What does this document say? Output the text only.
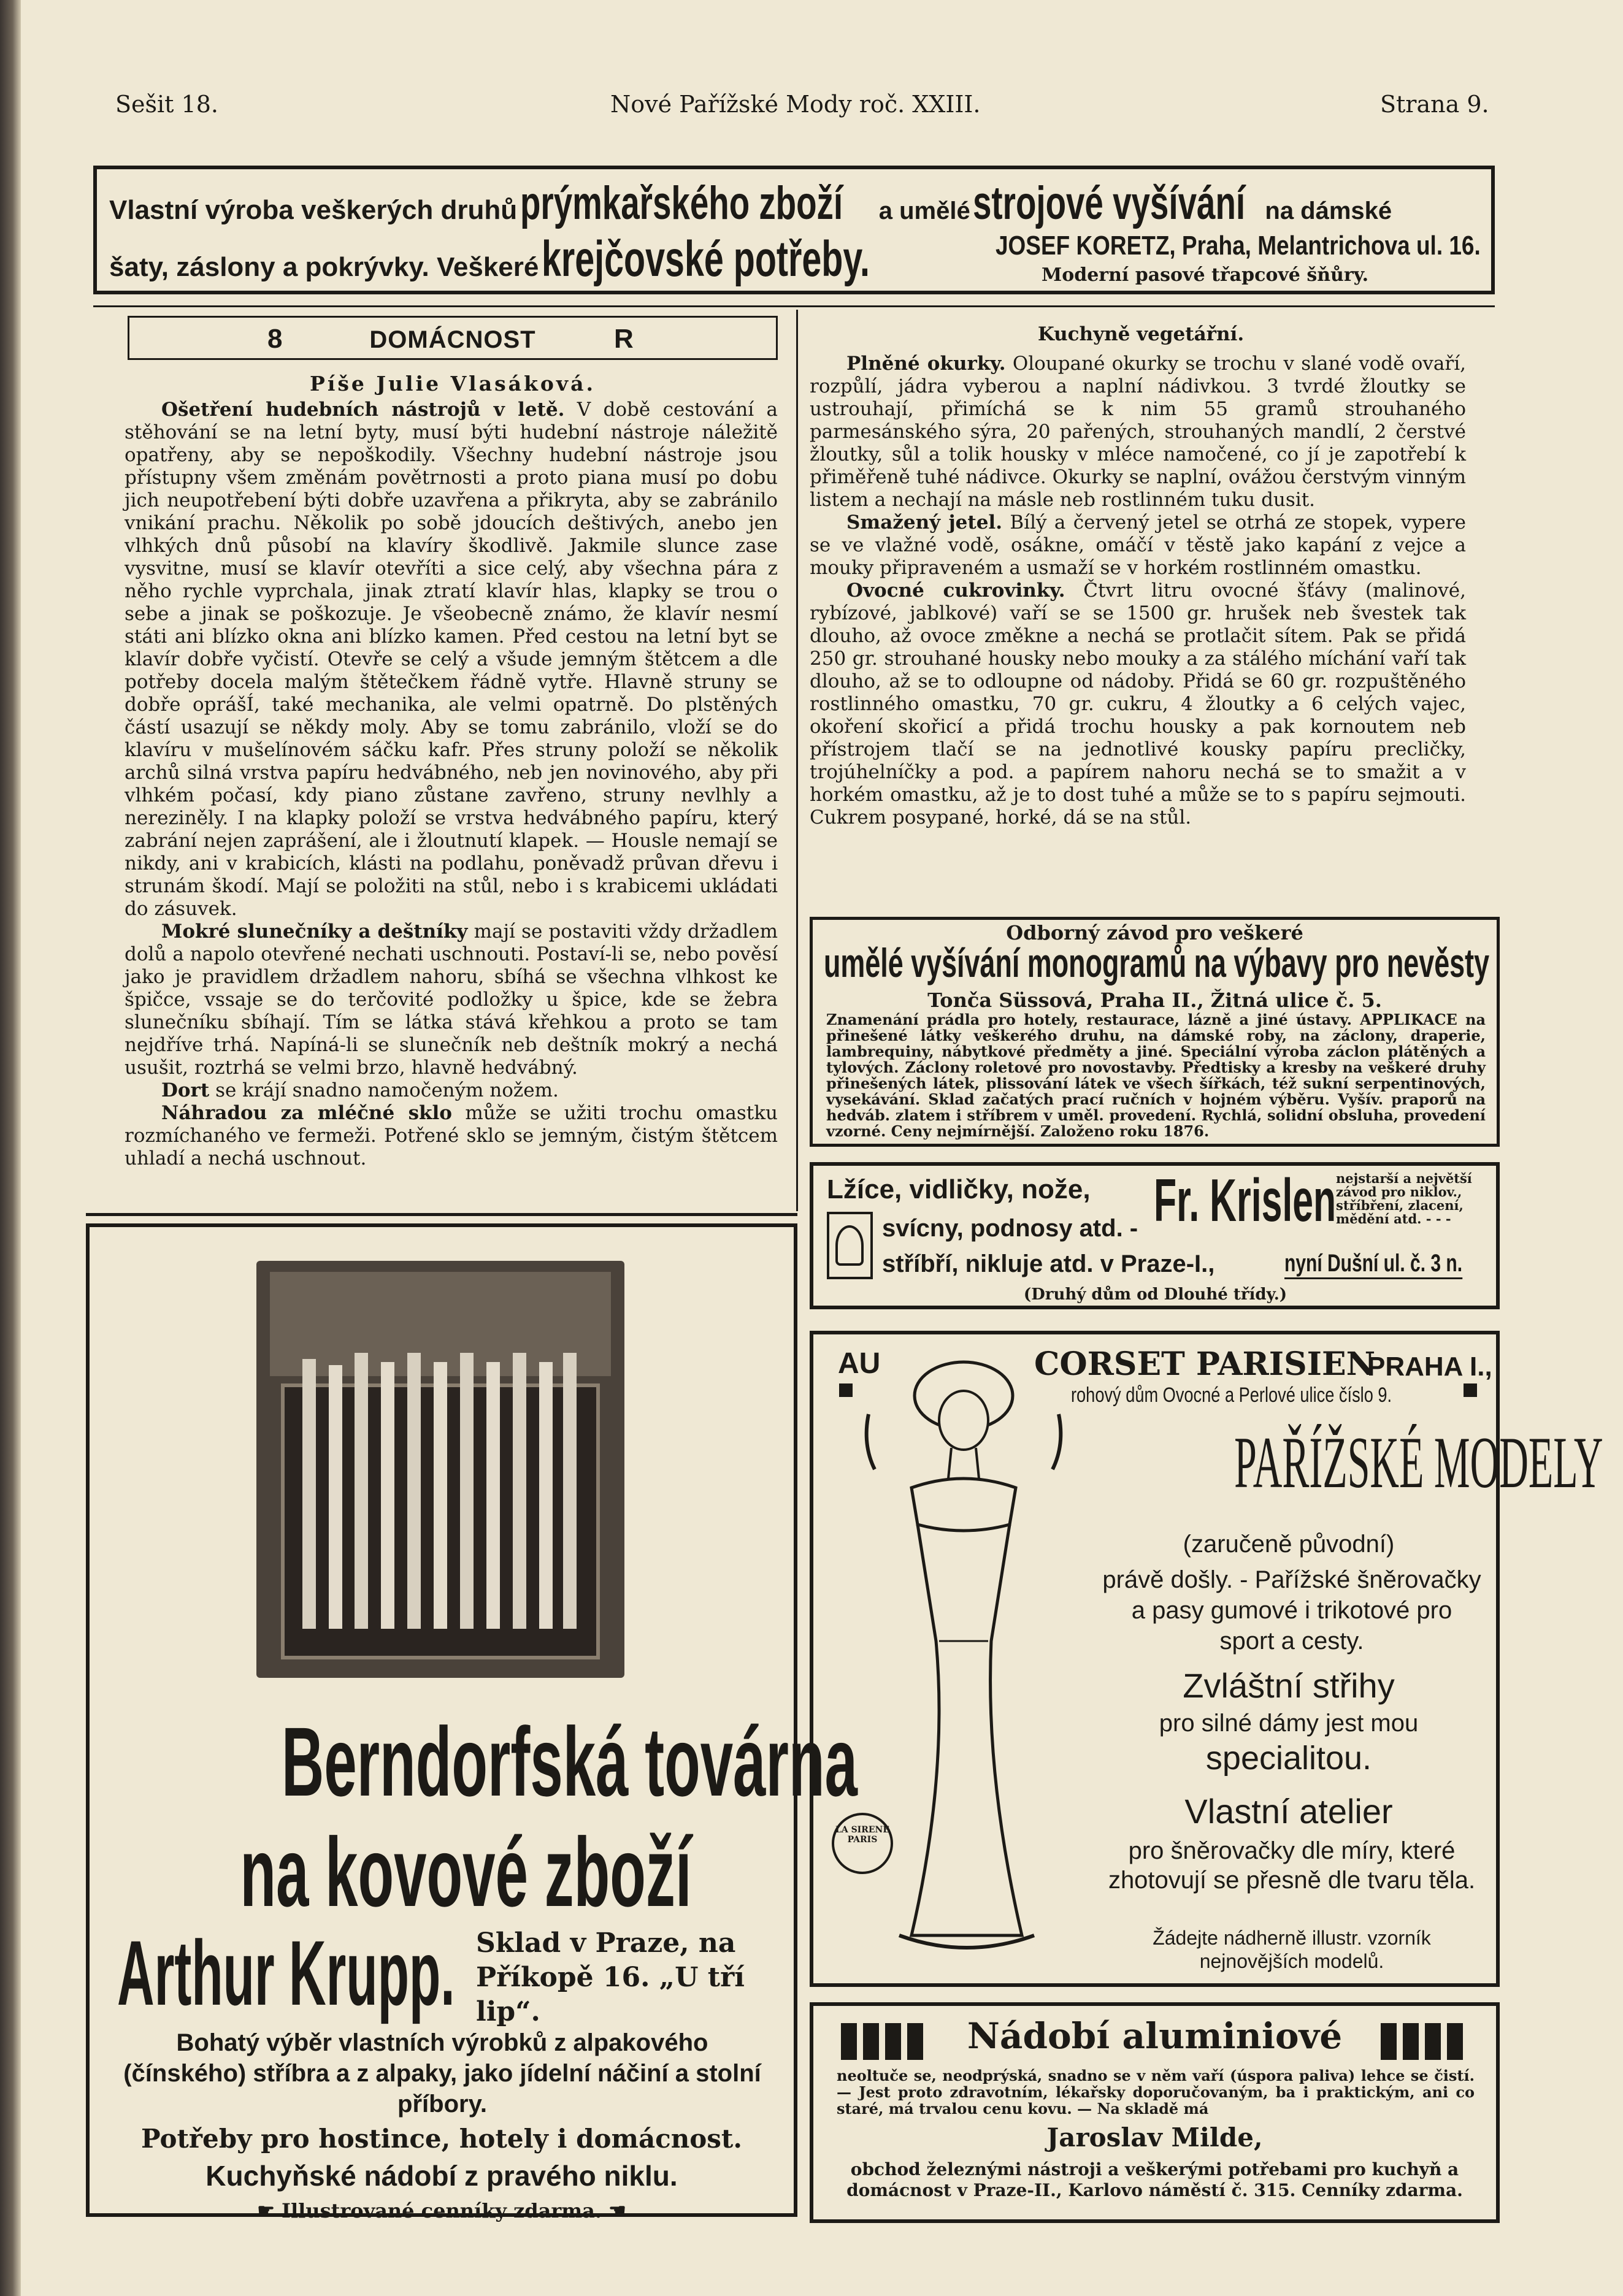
Sešit 18.	Nové Pařížské Mody roč. XXIII.	Strana 9.
Vlastní výroba veškerých druhů prýmkařského zboží a umělé strojové vyšívání na dámské
šaty, záslony a pokrývky. Veškeré krejčovské potřeby.	JOSEF KORETZ, Praha, Melantrichova ul. 16.
Moderní pasové třapcové šňůry.
8	DOMÁCNOST	R
Píše Julie Vlasáková.

Ošetření hudebních nástrojů v letě. V době cestování a stěhování se na letní byty, musí býti hudební nástroje náležitě opatřeny, aby se nepoškodily. Všechny hudební nástroje jsou přístupny všem změnám povětrnosti a proto piana musí po dobu jich neupotřebení býti dobře uzavřena a přikryta, aby se zabránilo vnikání prachu. Několik po sobě jdoucích deštivých, anebo jen vlhkých dnů působí na klavíry škodlivě. Jakmile slunce zase vysvitne, musí se klavír otevříti a sice celý, aby všechna pára z něho rychle vyprchala, jinak ztratí klavír hlas, klapky se trou o sebe a jinak se poškozuje. Je všeobecně známo, že klavír nesmí státi ani blízko okna ani blízko kamen. Před cestou na letní byt se klavír dobře vyčistí. Otevře se celý a všude jemným štětcem a dle potřeby docela malým štětečkem řádně vytře. Hlavně struny se dobře oprášÍ, také mechanika, ale velmi opatrně. Do plstěných částí usazují se někdy moly. Aby se tomu zabránilo, vloží se do klavíru v mušelínovém sáčku kafr. Přes struny položí se několik archů silná vrstva papíru hedvábného, neb jen novinového, aby při vlhkém počasí, kdy piano zůstane zavřeno, struny nevlhly a nereziněly. I na klapky položí se vrstva hedvábného papíru, který zabrání nejen zaprášení, ale i žloutnutí klapek. — Housle nemají se nikdy, ani v krabicích, klásti na podlahu, poněvadž průvan dřevu i strunám škodí. Mají se položiti na stůl, nebo i s krabicemi ukládati do zásuvek.

Mokré slunečníky a deštníky mají se postaviti vždy držadlem dolů a napolo otevřené nechati uschnouti. Postaví-li se, nebo pověsí jako je pravidlem držadlem nahoru, sbíhá se všechna vlhkost ke špičce, vssaje se do terčovité podložky u špice, kde se žebra slunečníku sbíhají. Tím se látka stává křehkou a proto se tam nejdříve trhá. Napíná-li se slunečník neb deštník mokrý a nechá usušit, roztrhá se velmi brzo, hlavně hedvábný.

Dort se krájí snadno namočeným nožem.

Náhradou za mléčné sklo může se užiti trochu omastku rozmíchaného ve fermeži. Potřené sklo se jemným, čistým štětcem uhladí a nechá uschnout.

Kuchyně vegetářní.

Plněné okurky. Oloupané okurky se trochu v slané vodě ovaří, rozpůlí, jádra vyberou a naplní nádivkou. 3 tvrdé žloutky se ustrouhají, přimíchá se k nim 55 gramů strouhaného parmesánského sýra, 20 pařených, strouhaných mandlí, 2 čerstvé žloutky, sůl a tolik housky v mléce namočené, co jí je zapotřebí k přiměřeně tuhé nádivce. Okurky se naplní, ovážou čerstvým vinným listem a nechají na másle neb rostlinném tuku dusit.

Smažený jetel. Bílý a červený jetel se otrhá ze stopek, vypere se ve vlažné vodě, osákne, omáčí v těstě jako kapání z vejce a mouky připraveném a usmaží se v horkém rostlinném omastku.

Ovocné cukrovinky. Čtvrt litru ovocné šťávy (malinové, rybízové, jablkové) vaří se se 1500 gr. hrušek neb švestek tak dlouho, až ovoce změkne a nechá se protlačit sítem. Pak se přidá 250 gr. strouhané housky nebo mouky a za stálého míchání vaří tak dlouho, až se to odloupne od nádoby. Přidá se 60 gr. rozpuštěného rostlinného omastku, 70 gr. cukru, 4 žloutky a 6 celých vajec, okoření skořicí a přidá trochu housky a pak kornoutem neb přístrojem tlačí se na jednotlivé kousky papíru precličky, trojúhelníčky a pod. a papírem nahoru nechá se to smažit a v horkém omastku, až je to dost tuhé a může se to s papíru sejmouti. Cukrem posypané, horké, dá se na stůl.

Odborný závod pro veškeré
umělé vyšívání monogramů na výbavy pro nevěsty
Tonča Süssová, Praha II., Žitná ulice č. 5.
Znamenání prádla pro hotely, restaurace, lázně a jiné ústavy. APPLIKACE na přinešené látky veškerého druhu, na dámské roby, na záclony, draperie, lambrequiny, nábytkové předměty a jiné. Speciální výroba záclon plátěných a tylových. Záclony roletové pro novostavby. Předtisky a kresby na veškeré druhy přinešených látek, plissování látek ve všech šířkách, též sukní serpentinových, vysekávání. Sklad začatých prací ručních v hojném výběru. Vyšív. praporů na hedváb. zlatem i stříbrem v uměl. provedení. Rychlá, solidní obsluha, provedení vzorné. Ceny nejmírnější. Založeno roku 1876.
Lžíce, vidličky, nože, Fr. Krislen nejstarší a největší závod pro niklov., stříbření, zlacení, mědění atd. - - -
svícny, podnosy atd. -
stříbří, nikluje atd. v Praze-I.,	nyní Dušní ul. č. 3 n.
(Druhý dům od Dlouhé třídy.)
Berndorfská továrna
na kovové zboží
Arthur Krupp. Sklad v Praze, na Příkopě 16. „U tří lip“.
Bohatý výběr vlastních výrobků z alpakového (čínského) stříbra a z alpaky, jako jídelní náčiní a stolní příbory.
Potřeby pro hostince, hotely i domácnost.
Kuchyňské nádobí z pravého niklu.
☛ Illustrované cenníky zdarma. ☚
AU	CORSET PARISIEN
PRAHA I.,
rohový dům Ovocné a Perlové ulice číslo 9.
LA SIRENE PARIS
PAŘÍŽSKÉ MODELY
(zaručeně původní)
právě došly. - Pařížské šněrovačky a pasy gumové i trikotové pro sport a cesty.
Zvláštní střihy
pro silné dámy jest mou
specialitou.
Vlastní atelier
pro šněrovačky dle míry, které zhotovují se přesně dle tvaru těla.
Žádejte nádherně illustr. vzorník nejnovějších modelů.
Nádobí aluminiové
neoltuče se, neodprýská, snadno se v něm vaří (úspora paliva) lehce se čistí. — Jest proto zdravotním, lékařsky doporučovaným, ba i praktickým, ani co staré, má trvalou cenu kovu. — Na skladě má
Jaroslav Milde,
obchod železnými nástroji a veškerými potřebami pro kuchyň a domácnost v Praze-II., Karlovo náměstí č. 315. Cenníky zdarma.
